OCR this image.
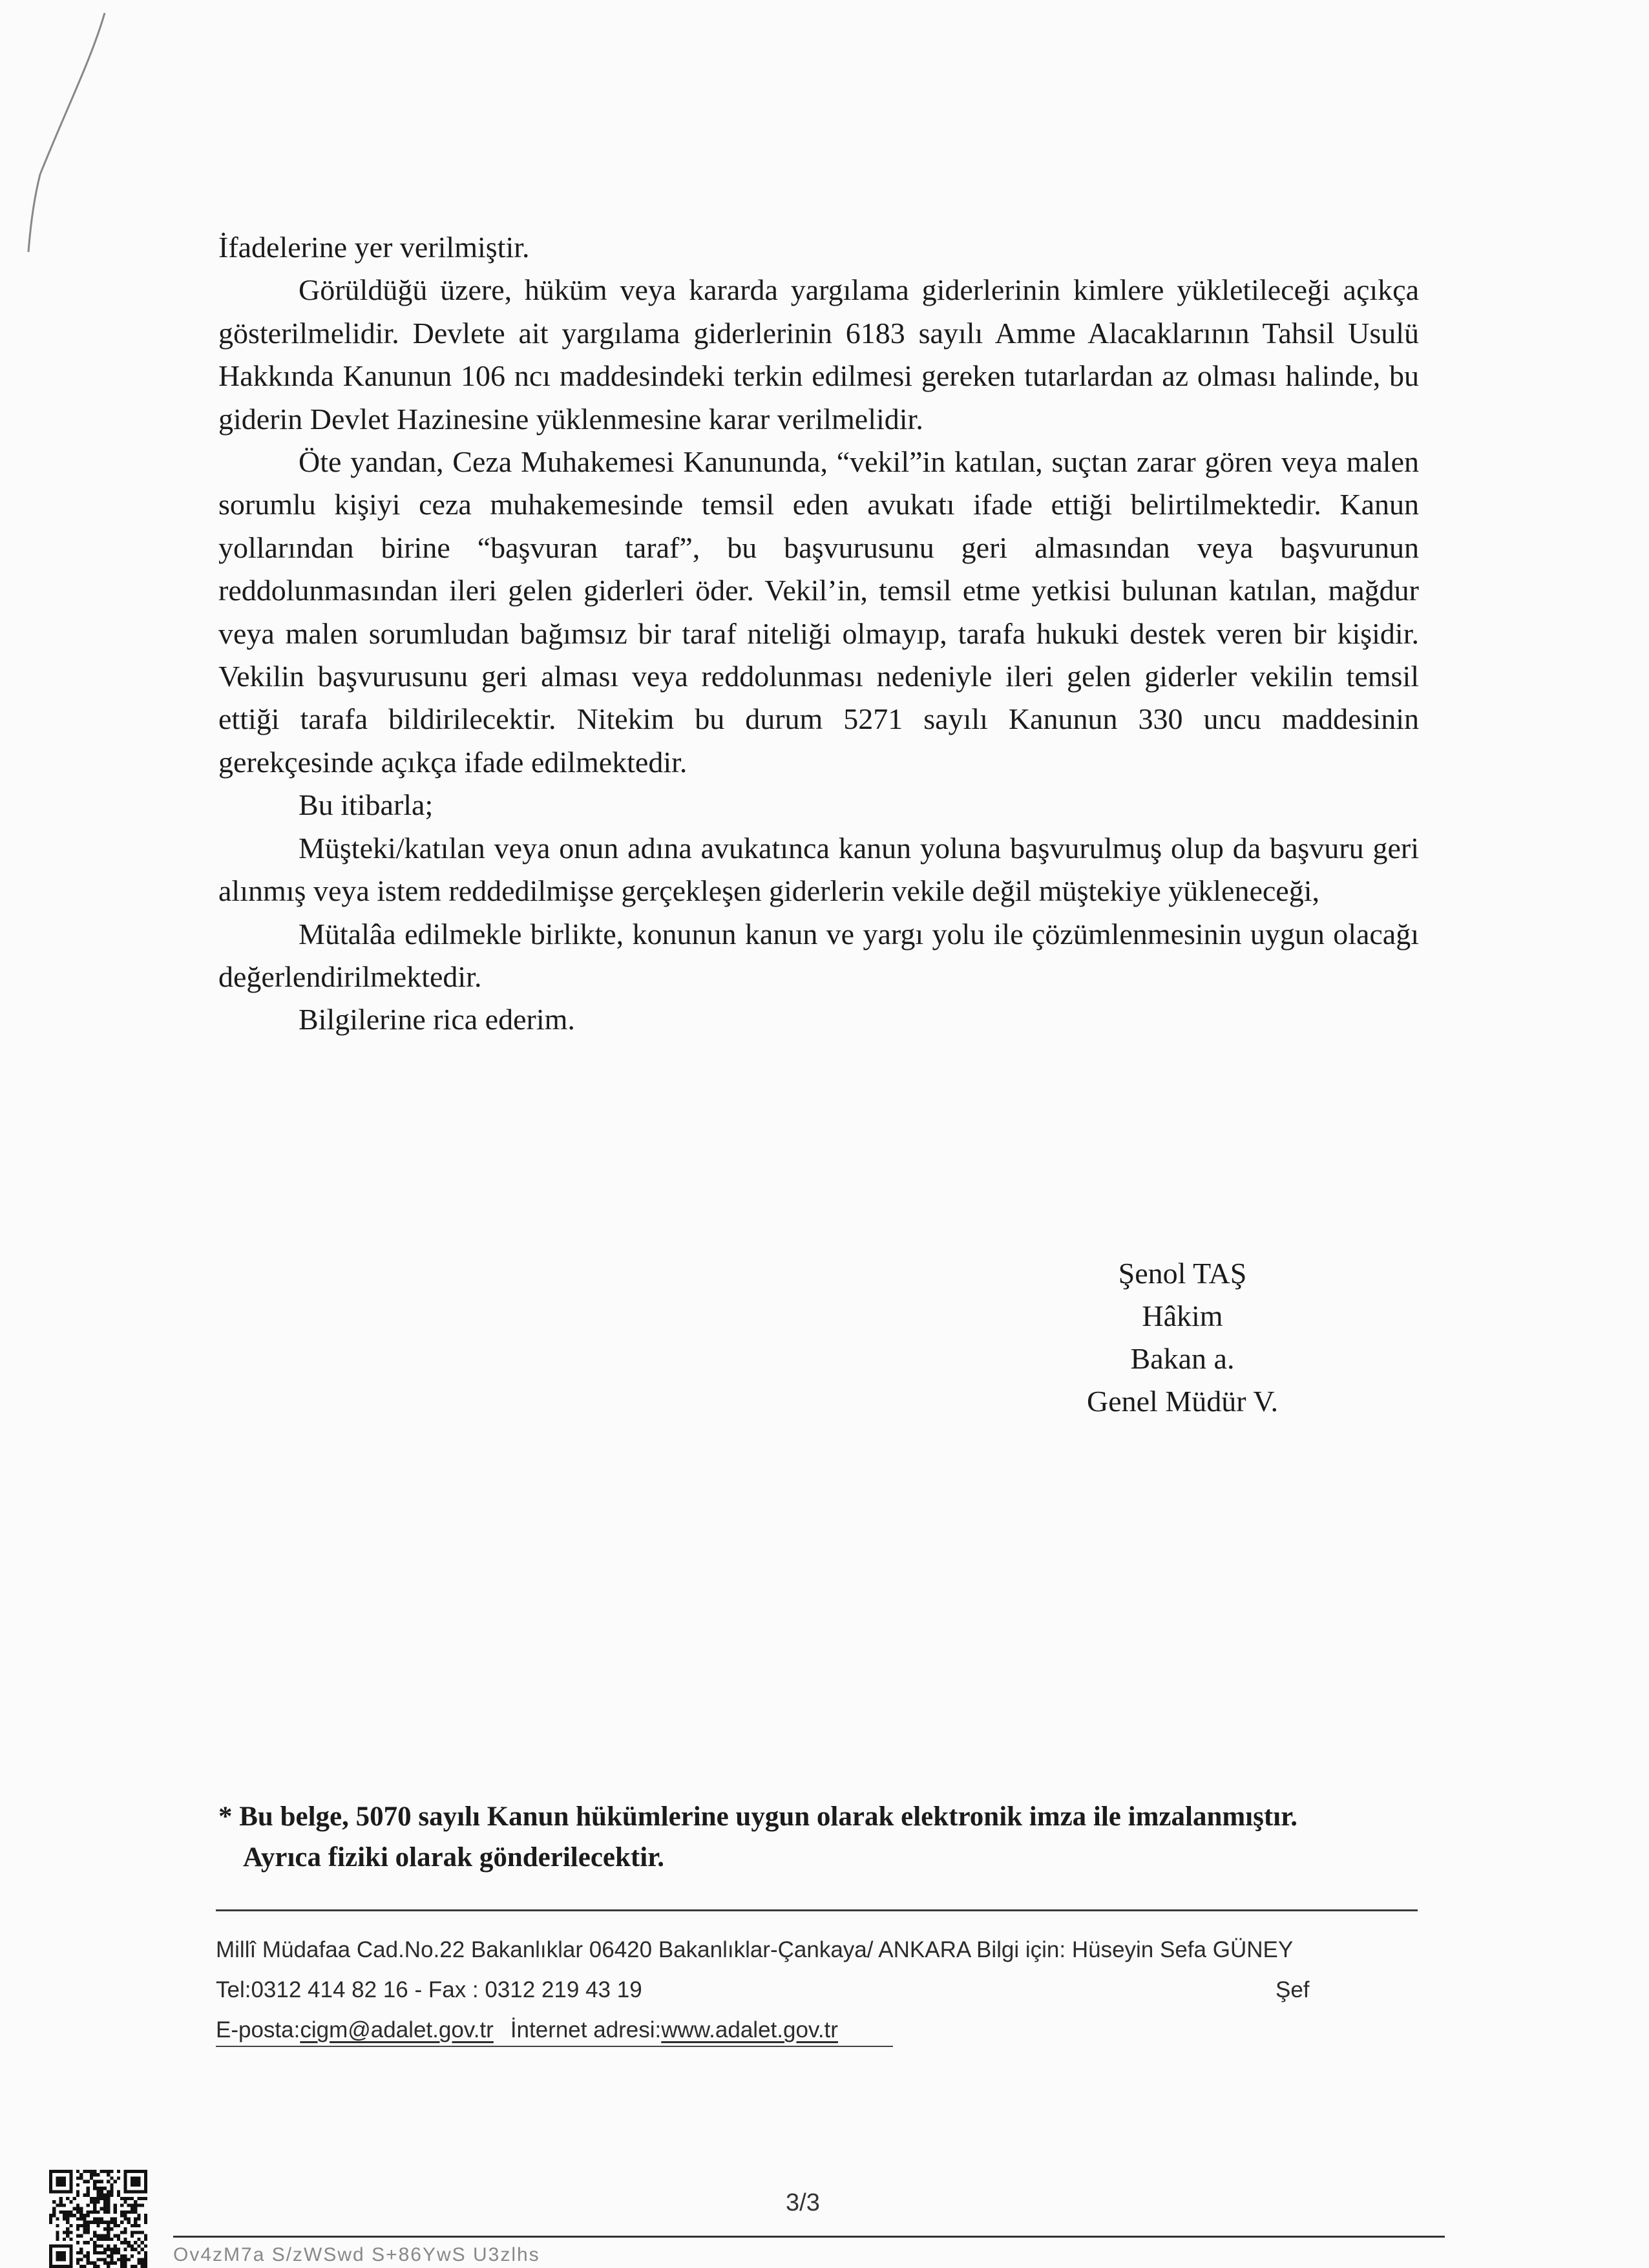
İfadelerine yer verilmiştir.

Görüldüğü üzere, hüküm veya kararda yargılama giderlerinin kimlere yükletileceği açıkça gösterilmelidir. Devlete ait yargılama giderlerinin 6183 sayılı Amme Alacaklarının Tahsil Usulü Hakkında Kanunun 106 ncı maddesindeki terkin edilmesi gereken tutarlardan az olması halinde, bu giderin Devlet Hazinesine yüklenmesine karar verilmelidir.

Öte yandan, Ceza Muhakemesi Kanununda, “vekil”in katılan, suçtan zarar gören veya malen sorumlu kişiyi ceza muhakemesinde temsil eden avukatı ifade ettiği belirtilmektedir. Kanun yollarından birine “başvuran taraf”, bu başvurusunu geri almasından veya başvurunun reddolunmasından ileri gelen giderleri öder. Vekil’in, temsil etme yetkisi bulunan katılan, mağdur veya malen sorumludan bağımsız bir taraf niteliği olmayıp, tarafa hukuki destek veren bir kişidir. Vekilin başvurusunu geri alması veya reddolunması nedeniyle ileri gelen giderler vekilin temsil ettiği tarafa bildirilecektir. Nitekim bu durum 5271 sayılı Kanunun 330 uncu maddesinin gerekçesinde açıkça ifade edilmektedir.

Bu itibarla;

Müşteki/katılan veya onun adına avukatınca kanun yoluna başvurulmuş olup da başvuru geri alınmış veya istem reddedilmişse gerçekleşen giderlerin vekile değil müştekiye yükleneceği,

Mütalâa edilmekle birlikte, konunun kanun ve yargı yolu ile çözümlenmesinin uygun olacağı değerlendirilmektedir.

Bilgilerine rica ederim.

Şenol TAŞ
Hâkim
Bakan a.
Genel Müdür V.
* Bu belge, 5070 sayılı Kanun hükümlerine uygun olarak elektronik imza ile imzalanmıştır.
Ayrıca fiziki olarak gönderilecektir.
Millî Müdafaa Cad.No.22 Bakanlıklar 06420 Bakanlıklar-Çankaya/ ANKARA Bilgi için: Hüseyin Sefa GÜNEY
Tel:0312 414 82 16 - Fax : 0312 219 43 19	Şef
E-posta:cigm@adalet.gov.tr İnternet adresi:www.adalet.gov.tr
3/3
Ov4zM7a S/zWSwd S+86YwS U3zlhs
